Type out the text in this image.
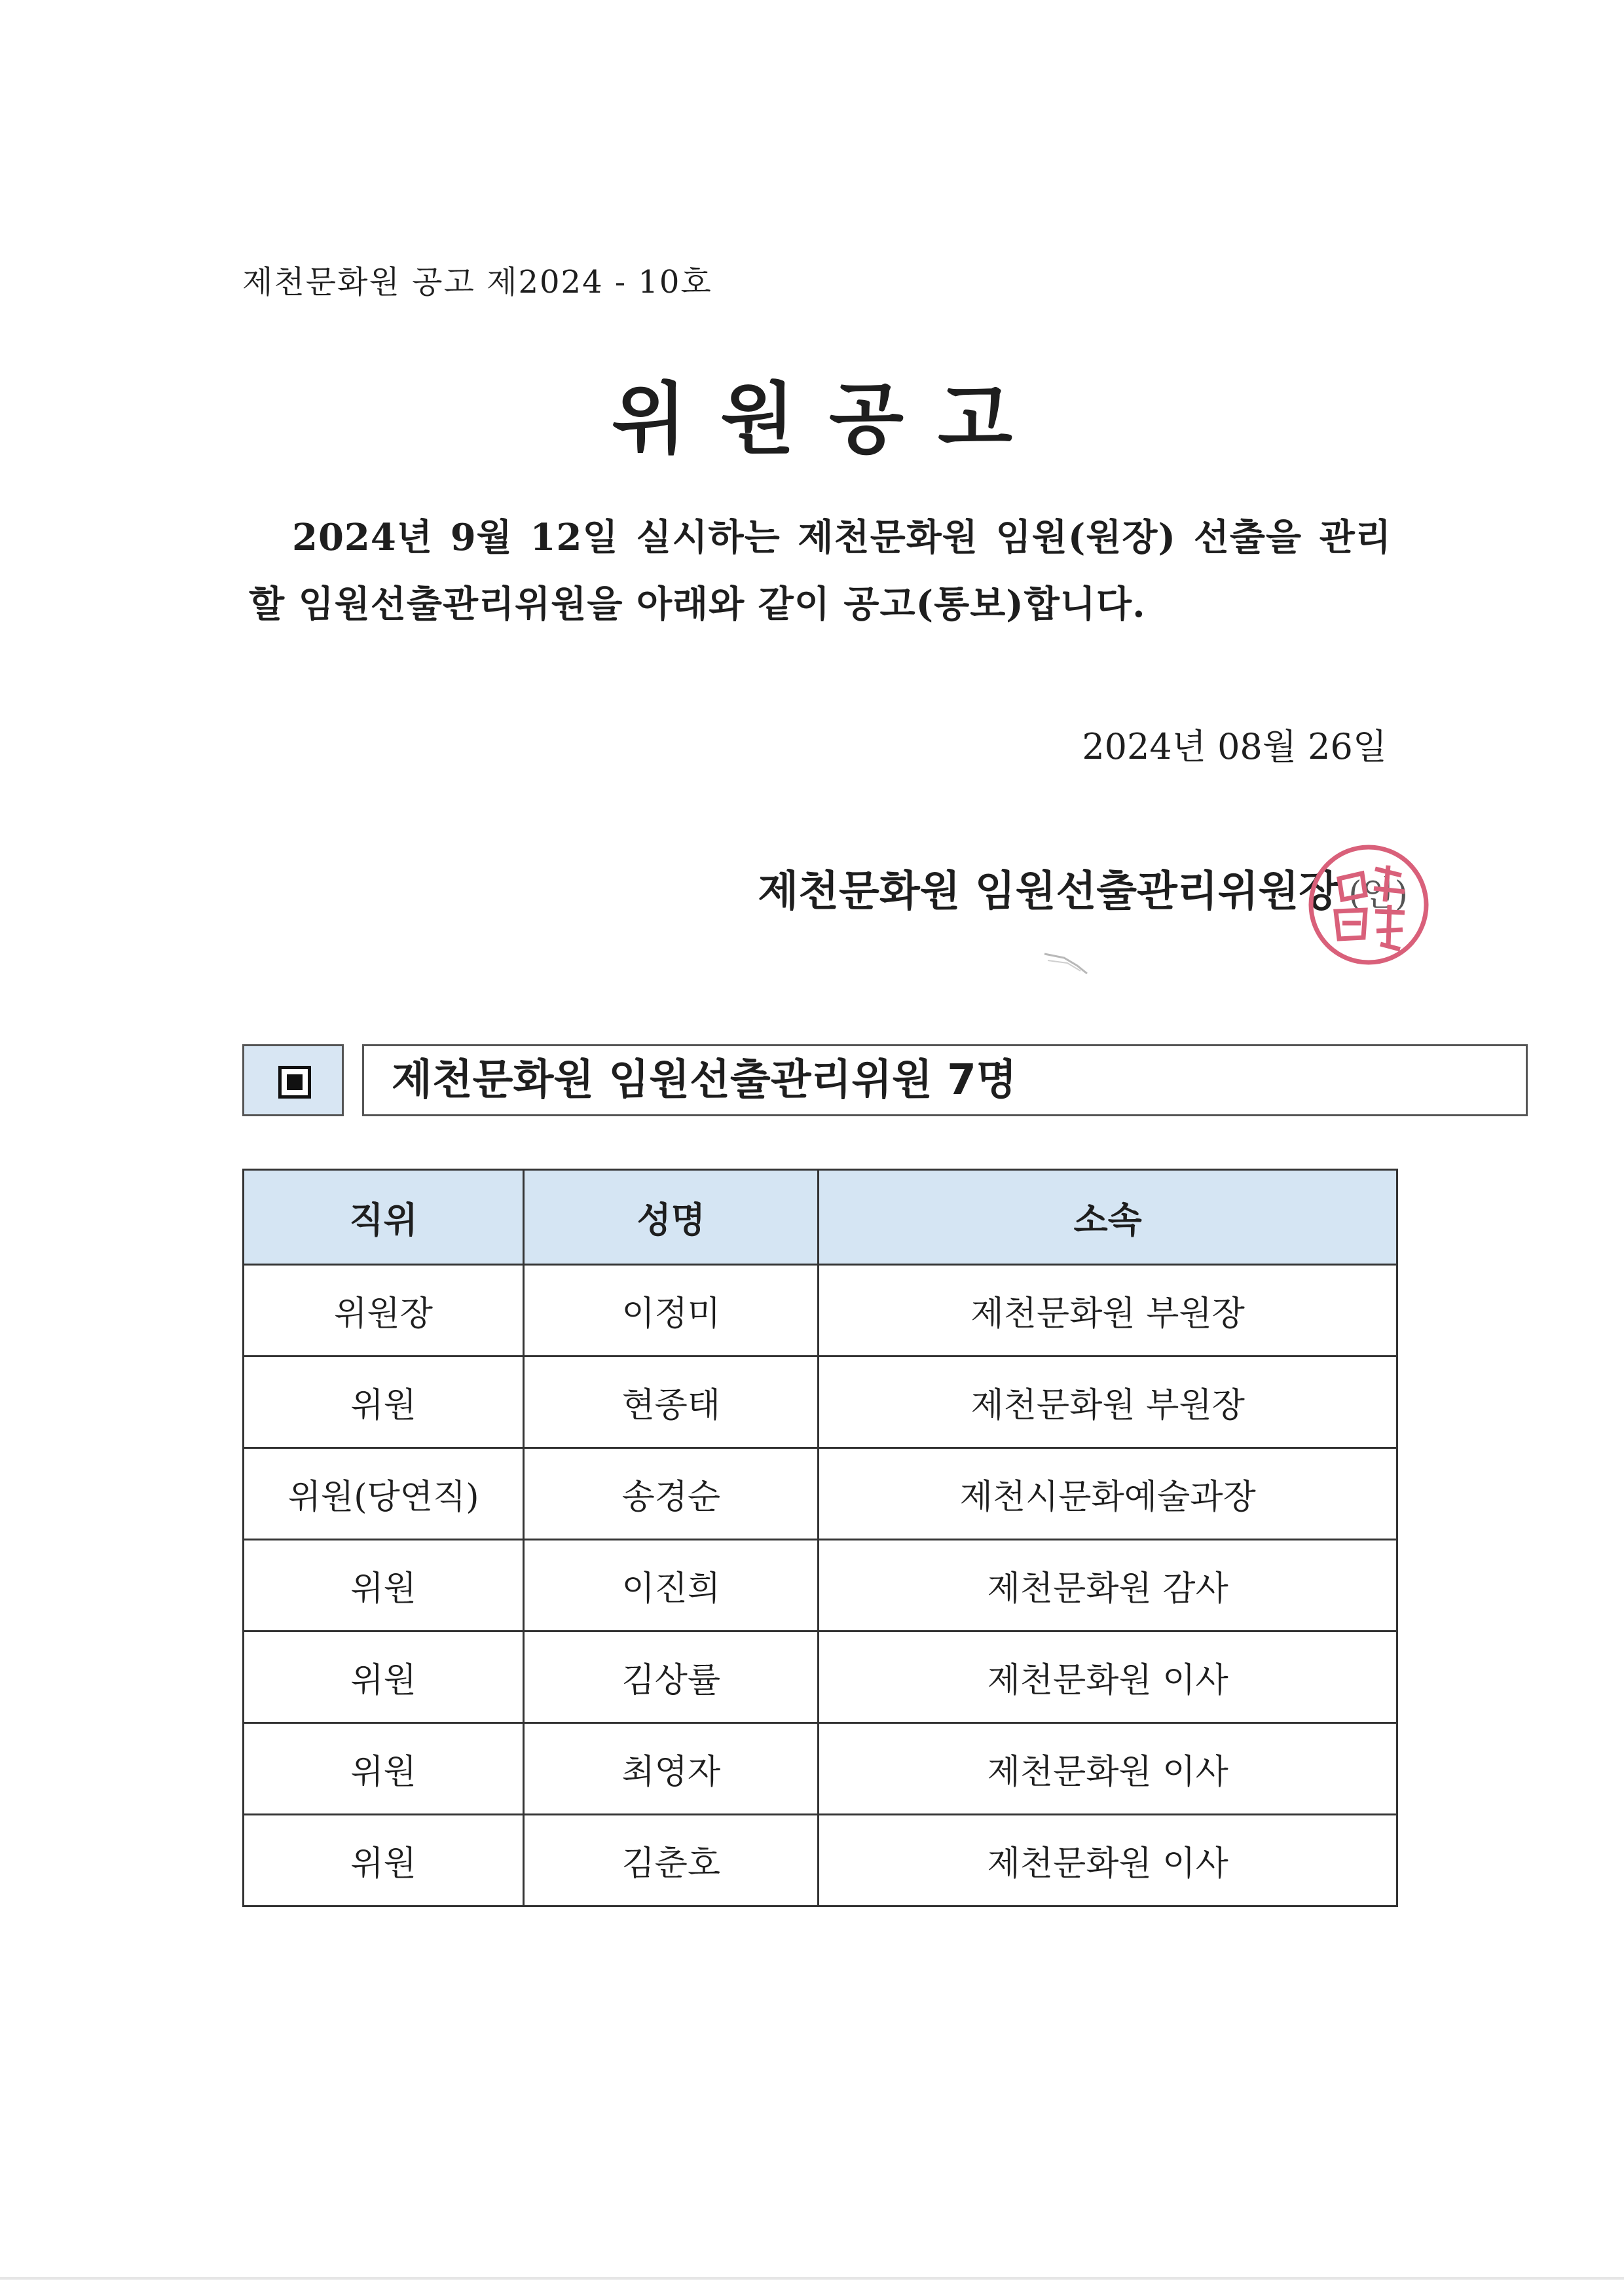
제천문화원 공고 제2024 - 10호
위원공고
2024년 9월 12일 실시하는 제천문화원 임원(원장) 선출을 관리할 임원선출관리위원을 아래와 같이 공고(통보)합니다.
2024년 08월 26일
제천문화원 임원선출관리위원장 (인)
제천문화원 임원선출관리위원 7명
직위	성명	소속
위원장	이정미	제천문화원 부원장
위원	현종태	제천문화원 부원장
위원(당연직)	송경순	제천시문화예술과장
위원	이진희	제천문화원 감사
위원	김상률	제천문화원 이사
위원	최영자	제천문화원 이사
위원	김춘호	제천문화원 이사
